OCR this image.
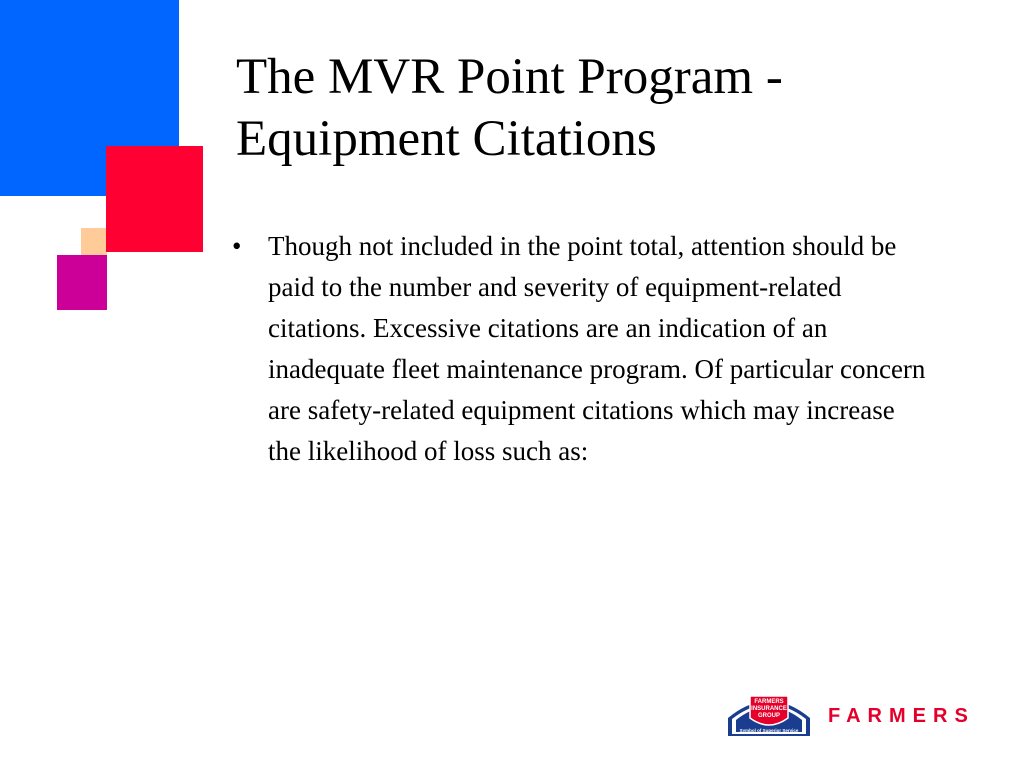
The MVR Point Program -
Equipment Citations
• Though not included in the point total, attention should be paid to the number and severity of equipment-related citations. Excessive citations are an indication of an inadequate fleet maintenance program. Of particular concern are safety-related equipment citations which may increase the likelihood of loss such as:
FARMERS
INSURANCE
GROUP
Symbol of Superior Service
FARMERS
